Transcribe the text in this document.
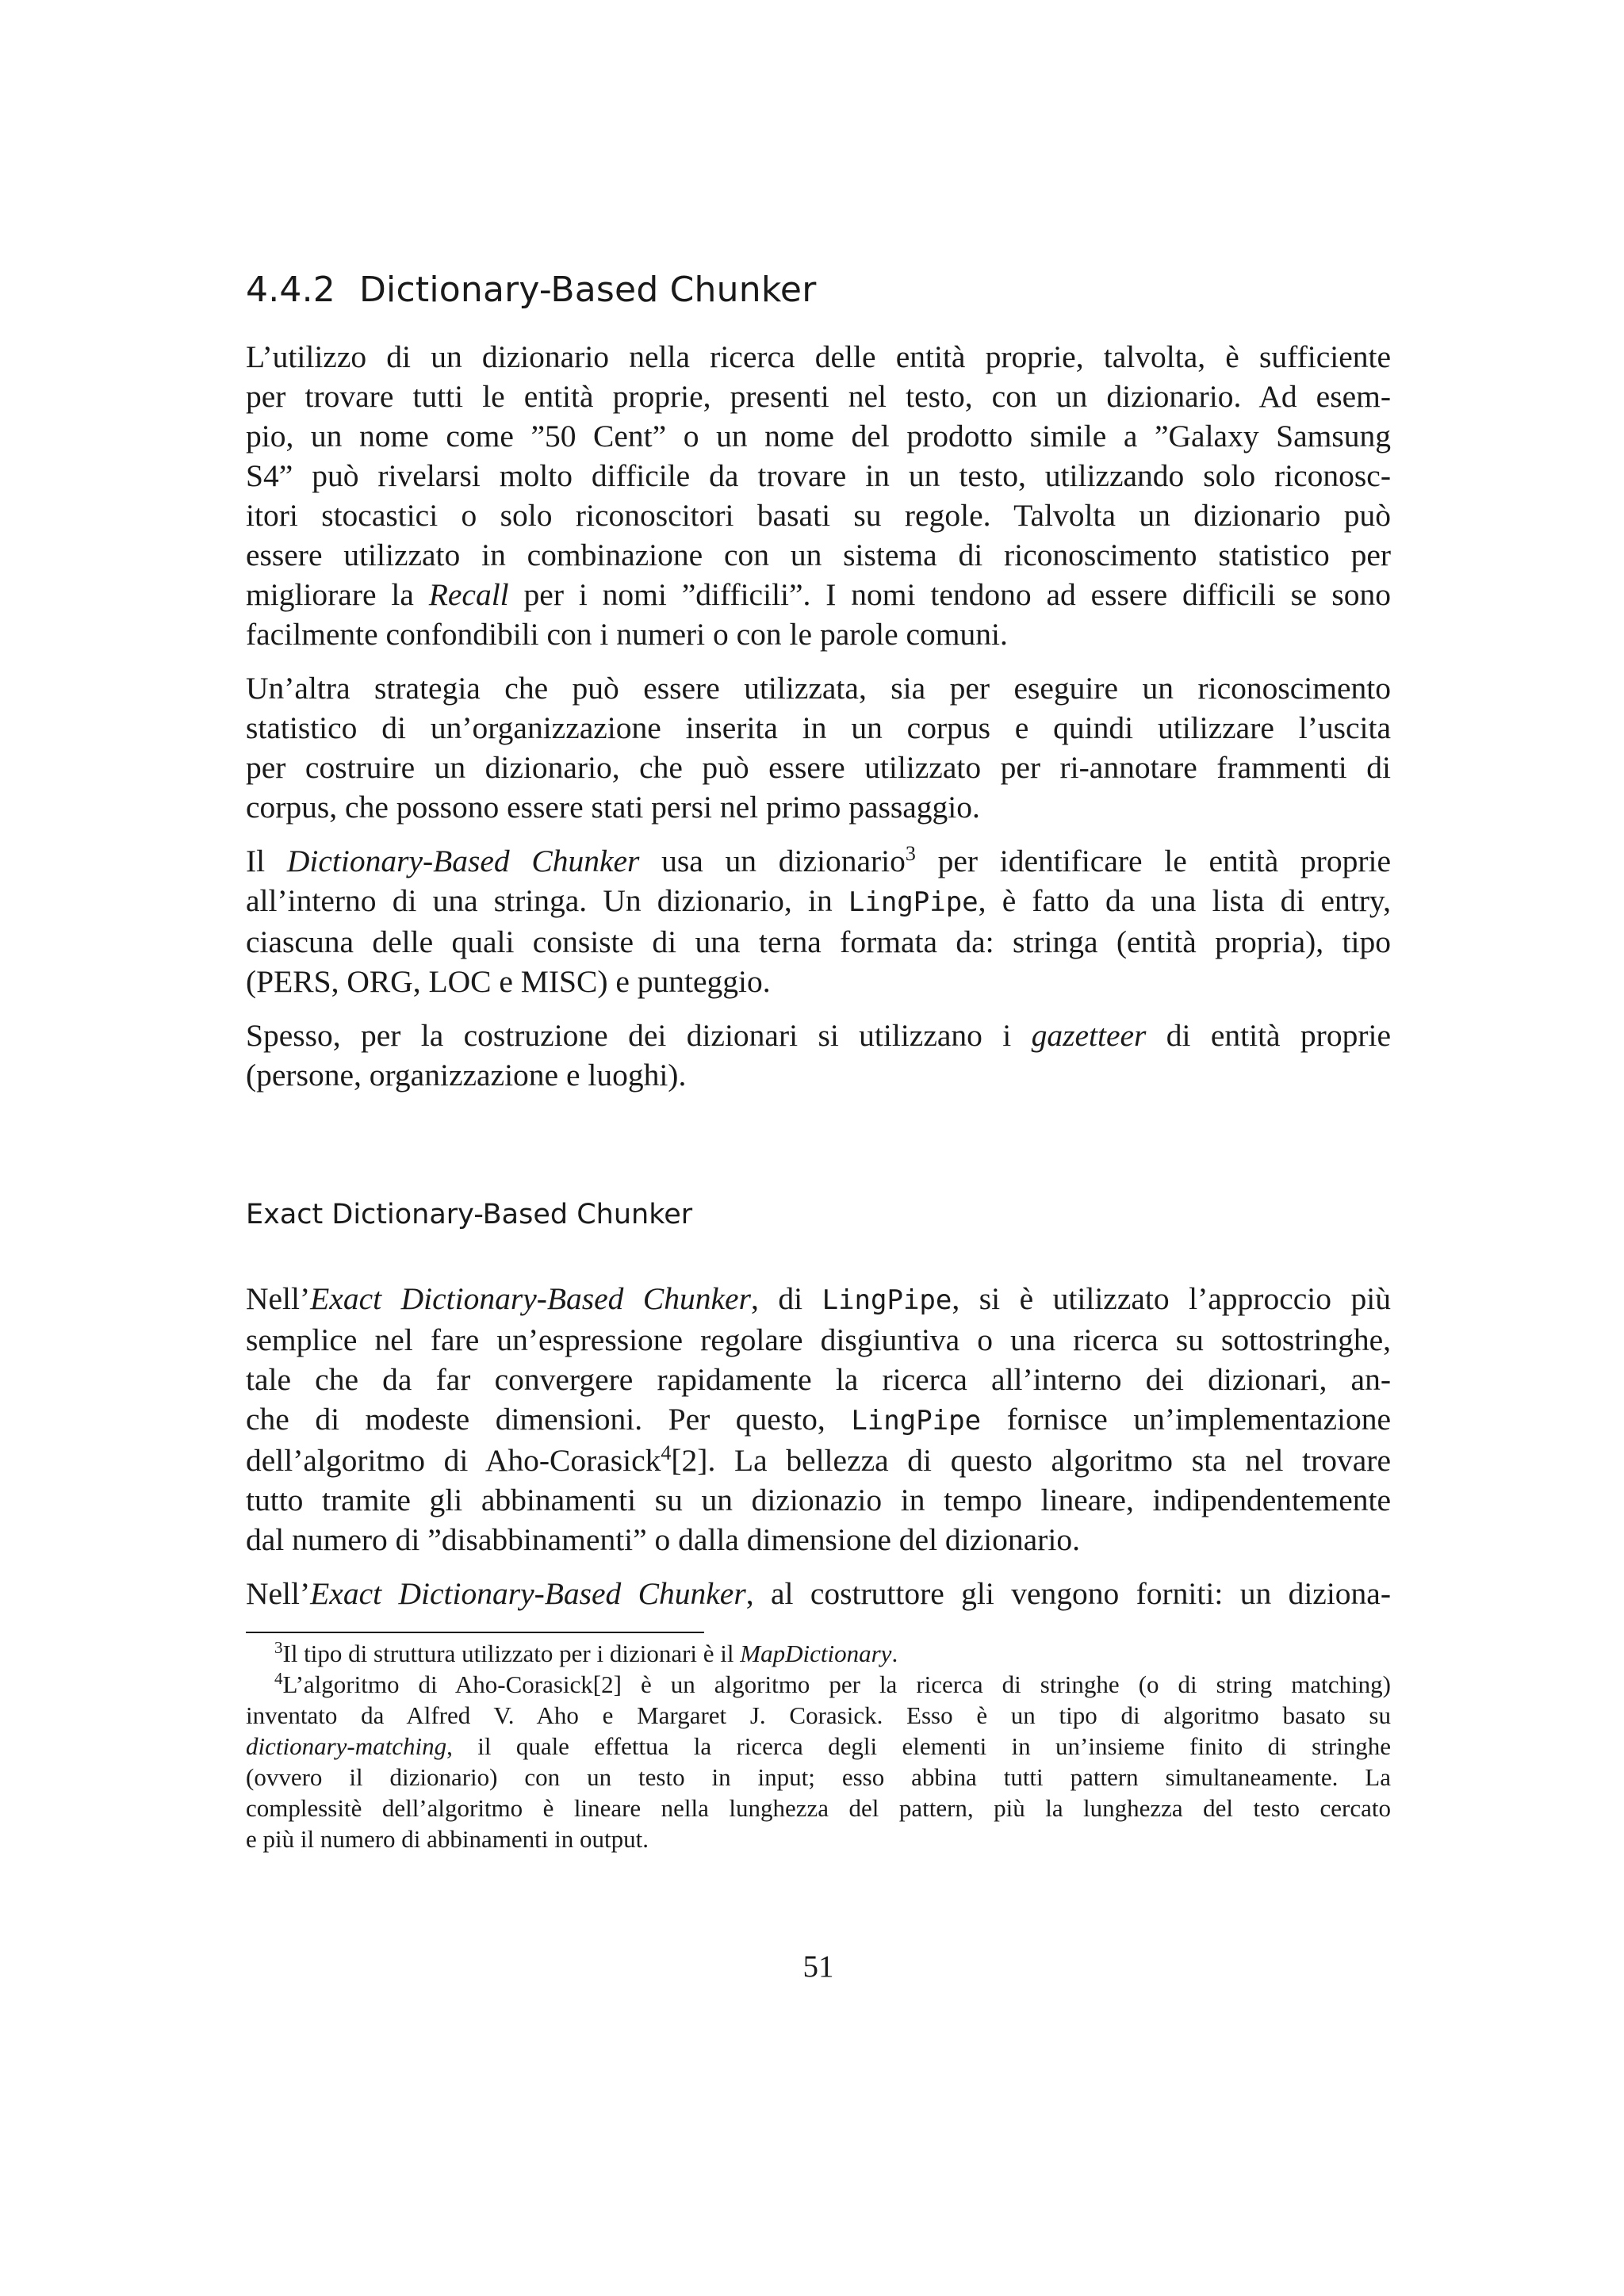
4.4.2 Dictionary-Based Chunker

L’utilizzo di un dizionario nella ricerca delle entità proprie, talvolta, è sufficiente
per trovare tutti le entità proprie, presenti nel testo, con un dizionario. Ad esem-
pio, un nome come ”50 Cent” o un nome del prodotto simile a ”Galaxy Samsung
S4” può rivelarsi molto difficile da trovare in un testo, utilizzando solo riconosc-
itori stocastici o solo riconoscitori basati su regole. Talvolta un dizionario può
essere utilizzato in combinazione con un sistema di riconoscimento statistico per
migliorare la Recall per i nomi ”difficili”. I nomi tendono ad essere difficili se sono
facilmente confondibili con i numeri o con le parole comuni.

Un’altra strategia che può essere utilizzata, sia per eseguire un riconoscimento
statistico di un’organizzazione inserita in un corpus e quindi utilizzare l’uscita
per costruire un dizionario, che può essere utilizzato per ri-annotare frammenti di
corpus, che possono essere stati persi nel primo passaggio.

Il Dictionary-Based Chunker usa un dizionario$^3$ per identificare le entità proprie
all’interno di una stringa. Un dizionario, in LingPipe, è fatto da una lista di entry,
ciascuna delle quali consiste di una terna formata da: stringa (entità propria), tipo
(PERS, ORG, LOC e MISC) e punteggio.

Spesso, per la costruzione dei dizionari si utilizzano i gazetteer di entità proprie
(persone, organizzazione e luoghi).

Exact Dictionary-Based Chunker

Nell’Exact Dictionary-Based Chunker, di LingPipe, si è utilizzato l’approccio più
semplice nel fare un’espressione regolare disgiuntiva o una ricerca su sottostringhe,
tale che da far convergere rapidamente la ricerca all’interno dei dizionari, an-
che di modeste dimensioni. Per questo, LingPipe fornisce un’implementazione
dell’algoritmo di Aho-Corasick$^4$[2]. La bellezza di questo algoritmo sta nel trovare
tutto tramite gli abbinamenti su un dizionazio in tempo lineare, indipendentemente
dal numero di ”disabbinamenti” o dalla dimensione del dizionario.

Nell’Exact Dictionary-Based Chunker, al costruttore gli vengono forniti: un diziona-

$^3$Il tipo di struttura utilizzato per i dizionari è il MapDictionary.
$^4$L’algoritmo di Aho-Corasick[2] è un algoritmo per la ricerca di stringhe (o di string matching)
inventato da Alfred V. Aho e Margaret J. Corasick. Esso è un tipo di algoritmo basato su
dictionary-matching, il quale effettua la ricerca degli elementi in un’insieme finito di stringhe
(ovvero il dizionario) con un testo in input; esso abbina tutti pattern simultaneamente. La
complessitè dell’algoritmo è lineare nella lunghezza del pattern, più la lunghezza del testo cercato
e più il numero di abbinamenti in output.
51
